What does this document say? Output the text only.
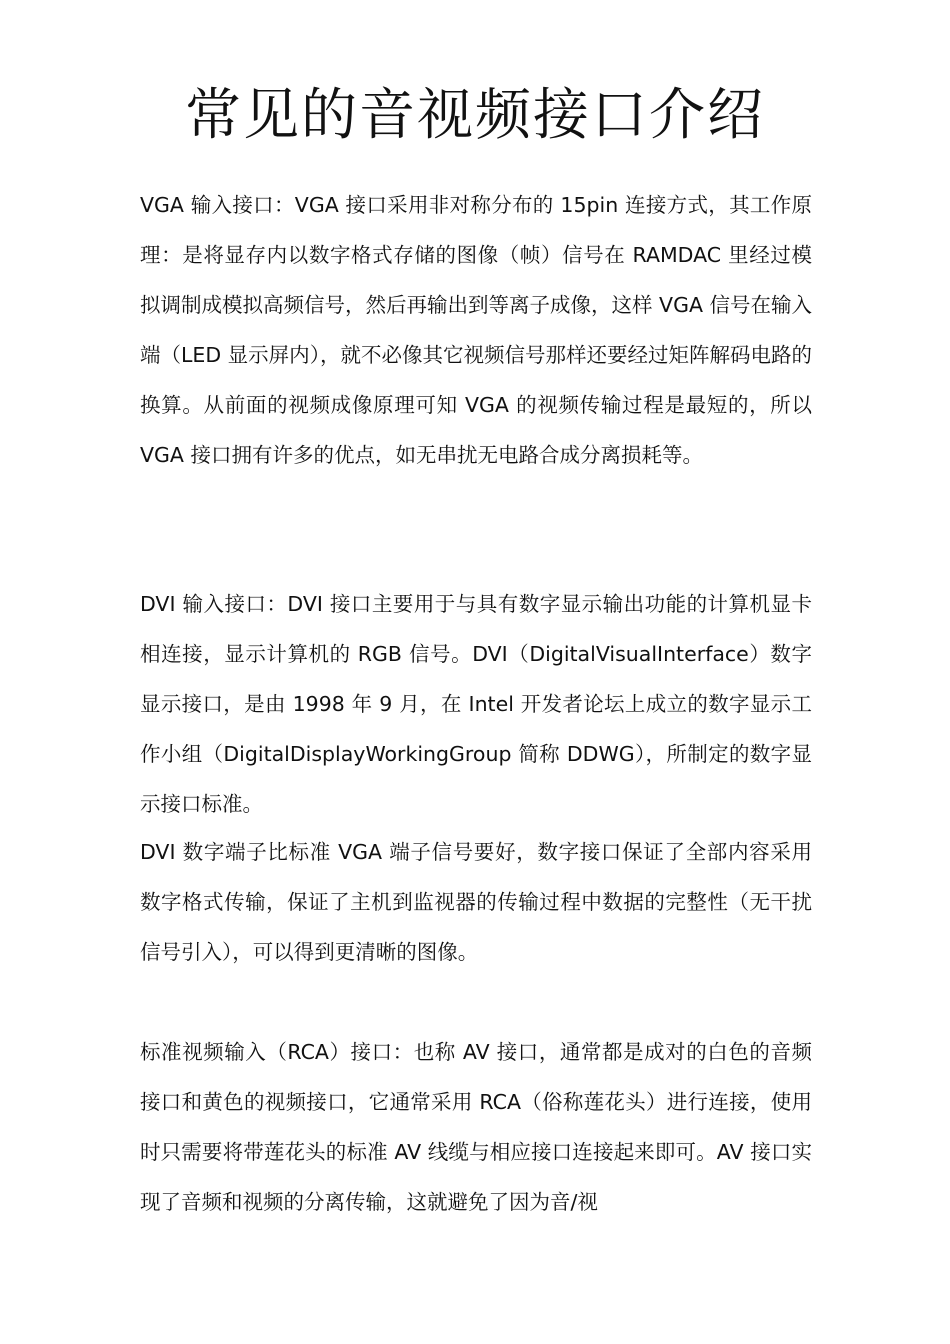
常见的音视频接口介绍

VGA 输入接口：VGA 接口采用非对称分布的 15pin 连接方式，其工作原理：是将显存内以数字格式存储的图像（帧）信号在 RAMDAC 里经过模拟调制成模拟高频信号，然后再输出到等离子成像，这样 VGA 信号在输入端（LED 显示屏内），就不必像其它视频信号那样还要经过矩阵解码电路的换算。从前面的视频成像原理可知 VGA 的视频传输过程是最短的，所以 VGA 接口拥有许多的优点，如无串扰无电路合成分离损耗等。

DVI 输入接口：DVI 接口主要用于与具有数字显示输出功能的计算机显卡相连接，显示计算机的 RGB 信号。DVI（DigitalVisualInterface）数字显示接口，是由 1998 年 9 月，在 Intel 开发者论坛上成立的数字显示工作小组（DigitalDisplayWorkingGroup 简称 DDWG），所制定的数字显示接口标准。

DVI 数字端子比标准 VGA 端子信号要好，数字接口保证了全部内容采用数字格式传输，保证了主机到监视器的传输过程中数据的完整性（无干扰信号引入），可以得到更清晰的图像。

标准视频输入（RCA）接口：也称 AV 接口，通常都是成对的白色的音频接口和黄色的视频接口，它通常采用 RCA（俗称莲花头）进行连接，使用时只需要将带莲花头的标准 AV 线缆与相应接口连接起来即可。AV 接口实现了音频和视频的分离传输，这就避免了因为音/视
